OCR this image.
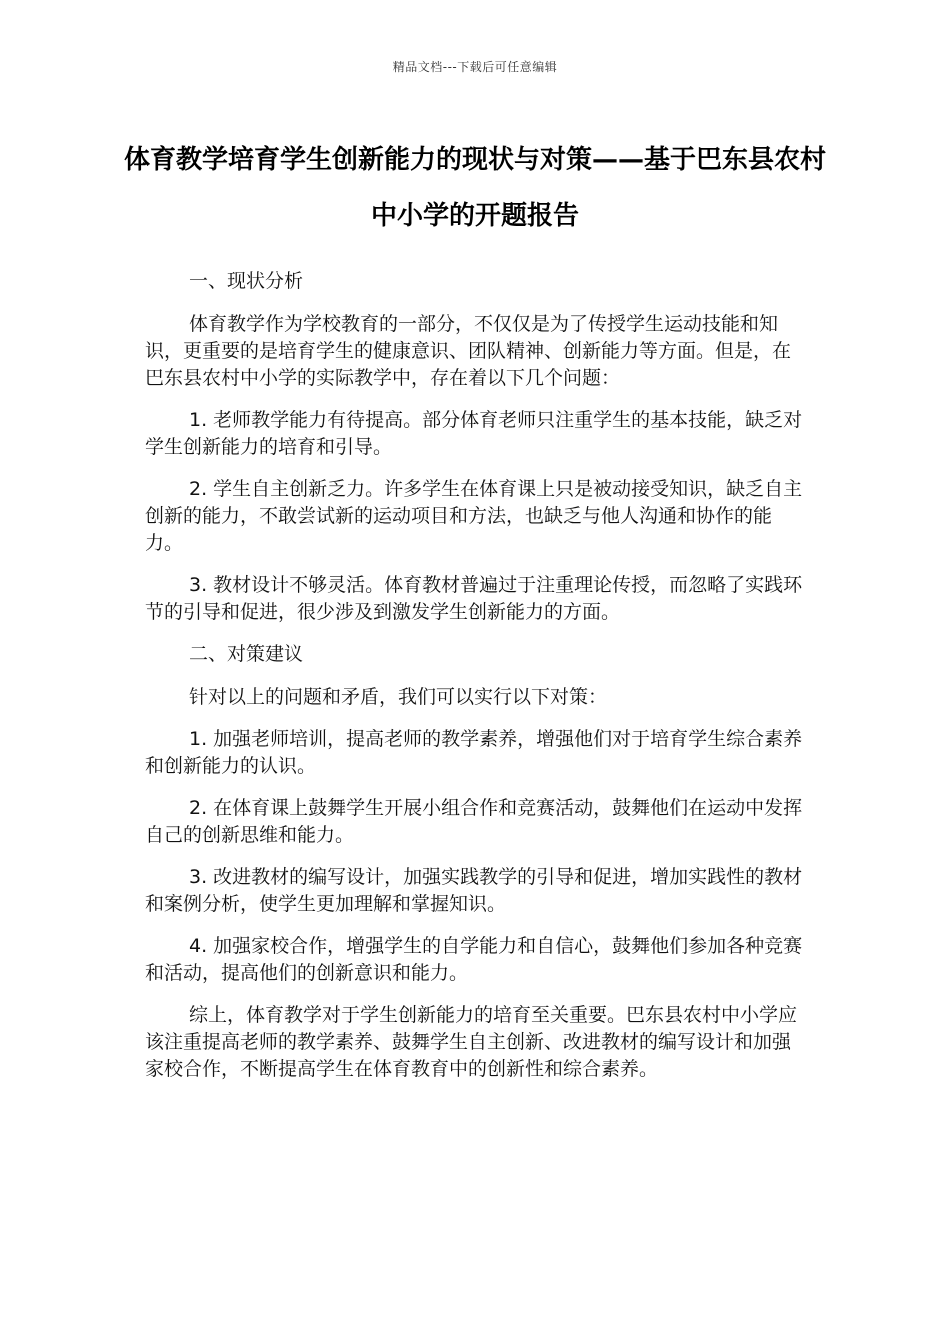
精品文档---下载后可任意编辑
体育教学培育学生创新能力的现状与对策——基于巴东县农村中小学的开题报告

一、现状分析

体育教学作为学校教育的一部分，不仅仅是为了传授学生运动技能和知识，更重要的是培育学生的健康意识、团队精神、创新能力等方面。但是，在巴东县农村中小学的实际教学中，存在着以下几个问题：

1. 老师教学能力有待提高。部分体育老师只注重学生的基本技能，缺乏对学生创新能力的培育和引导。

2. 学生自主创新乏力。许多学生在体育课上只是被动接受知识，缺乏自主创新的能力，不敢尝试新的运动项目和方法，也缺乏与他人沟通和协作的能力。

3. 教材设计不够灵活。体育教材普遍过于注重理论传授，而忽略了实践环节的引导和促进，很少涉及到激发学生创新能力的方面。

二、对策建议

针对以上的问题和矛盾，我们可以实行以下对策：

1. 加强老师培训，提高老师的教学素养，增强他们对于培育学生综合素养和创新能力的认识。

2. 在体育课上鼓舞学生开展小组合作和竞赛活动，鼓舞他们在运动中发挥自己的创新思维和能力。

3. 改进教材的编写设计，加强实践教学的引导和促进，增加实践性的教材和案例分析，使学生更加理解和掌握知识。

4. 加强家校合作，增强学生的自学能力和自信心，鼓舞他们参加各种竞赛和活动，提高他们的创新意识和能力。

综上，体育教学对于学生创新能力的培育至关重要。巴东县农村中小学应该注重提高老师的教学素养、鼓舞学生自主创新、改进教材的编写设计和加强家校合作，不断提高学生在体育教育中的创新性和综合素养。
